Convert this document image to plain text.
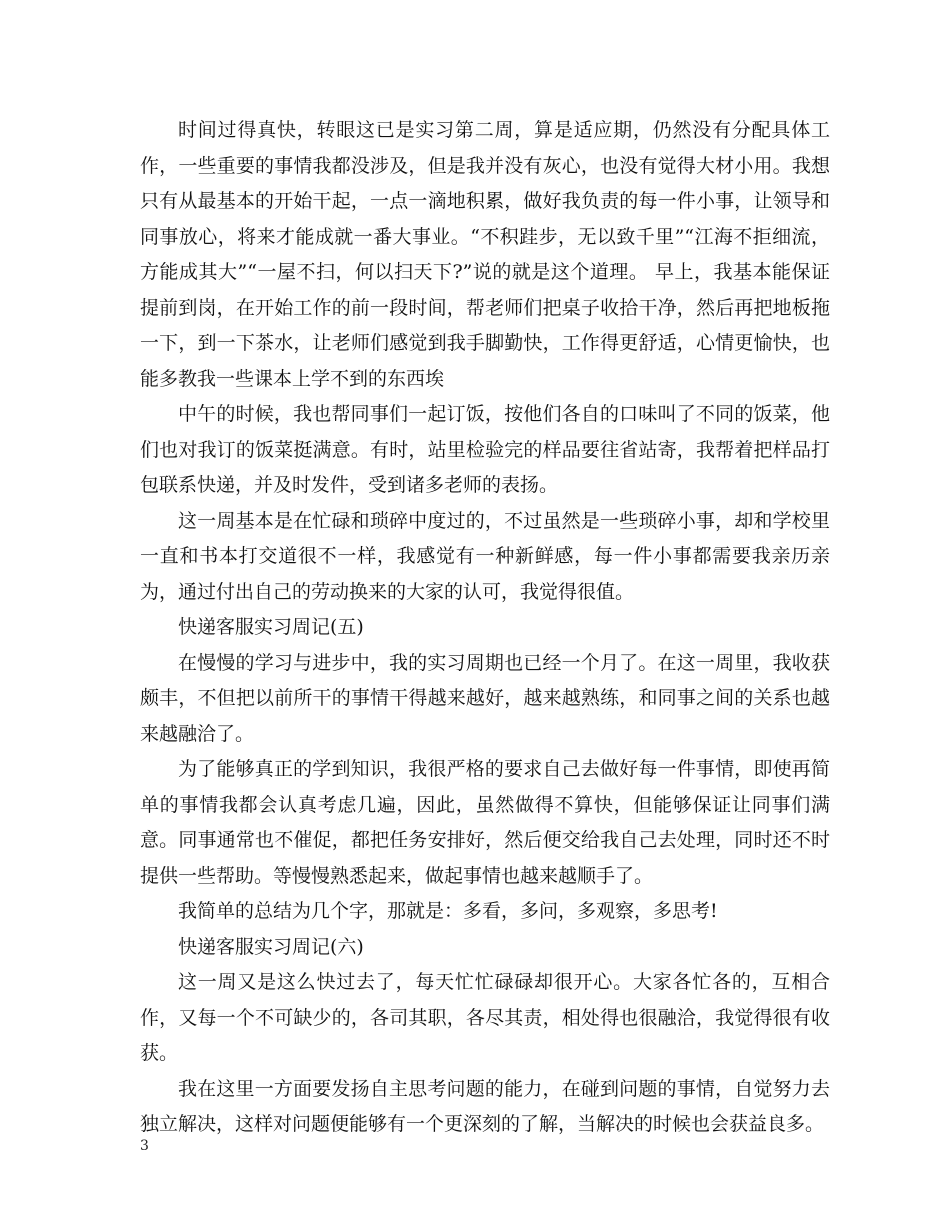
时间过得真快，转眼这已是实习第二周，算是适应期，仍然没有分配具体工作，一些重要的事情我都没涉及，但是我并没有灰心，也没有觉得大材小用。我想只有从最基本的开始干起，一点一滴地积累，做好我负责的每一件小事，让领导和同事放心，将来才能成就一番大事业。“不积跬步，无以致千里”“江海不拒细流，方能成其大”“一屋不扫，何以扫天下?”说的就是这个道理。 早上，我基本能保证提前到岗，在开始工作的前一段时间，帮老师们把桌子收拾干净，然后再把地板拖一下，到一下茶水，让老师们感觉到我手脚勤快，工作得更舒适，心情更愉快，也能多教我一些课本上学不到的东西埃

中午的时候，我也帮同事们一起订饭，按他们各自的口味叫了不同的饭菜，他们也对我订的饭菜挺满意。有时，站里检验完的样品要往省站寄，我帮着把样品打包联系快递，并及时发件，受到诸多老师的表扬。

这一周基本是在忙碌和琐碎中度过的，不过虽然是一些琐碎小事，却和学校里一直和书本打交道很不一样，我感觉有一种新鲜感，每一件小事都需要我亲历亲为，通过付出自己的劳动换来的大家的认可，我觉得很值。

快递客服实习周记(五)

在慢慢的学习与进步中，我的实习周期也已经一个月了。在这一周里，我收获颇丰，不但把以前所干的事情干得越来越好，越来越熟练，和同事之间的关系也越来越融洽了。

为了能够真正的学到知识，我很严格的要求自己去做好每一件事情，即使再简单的事情我都会认真考虑几遍，因此，虽然做得不算快，但能够保证让同事们满意。同事通常也不催促，都把任务安排好，然后便交给我自己去处理，同时还不时提供一些帮助。等慢慢熟悉起来，做起事情也越来越顺手了。

我简单的总结为几个字，那就是：多看，多问，多观察，多思考!

快递客服实习周记(六)

这一周又是这么快过去了，每天忙忙碌碌却很开心。大家各忙各的，互相合作，又每一个不可缺少的，各司其职，各尽其责，相处得也很融洽，我觉得很有收获。

我在这里一方面要发扬自主思考问题的能力，在碰到问题的事情，自觉努力去独立解决，这样对问题便能够有一个更深刻的了解，当解决的时候也会获益良多。

3
